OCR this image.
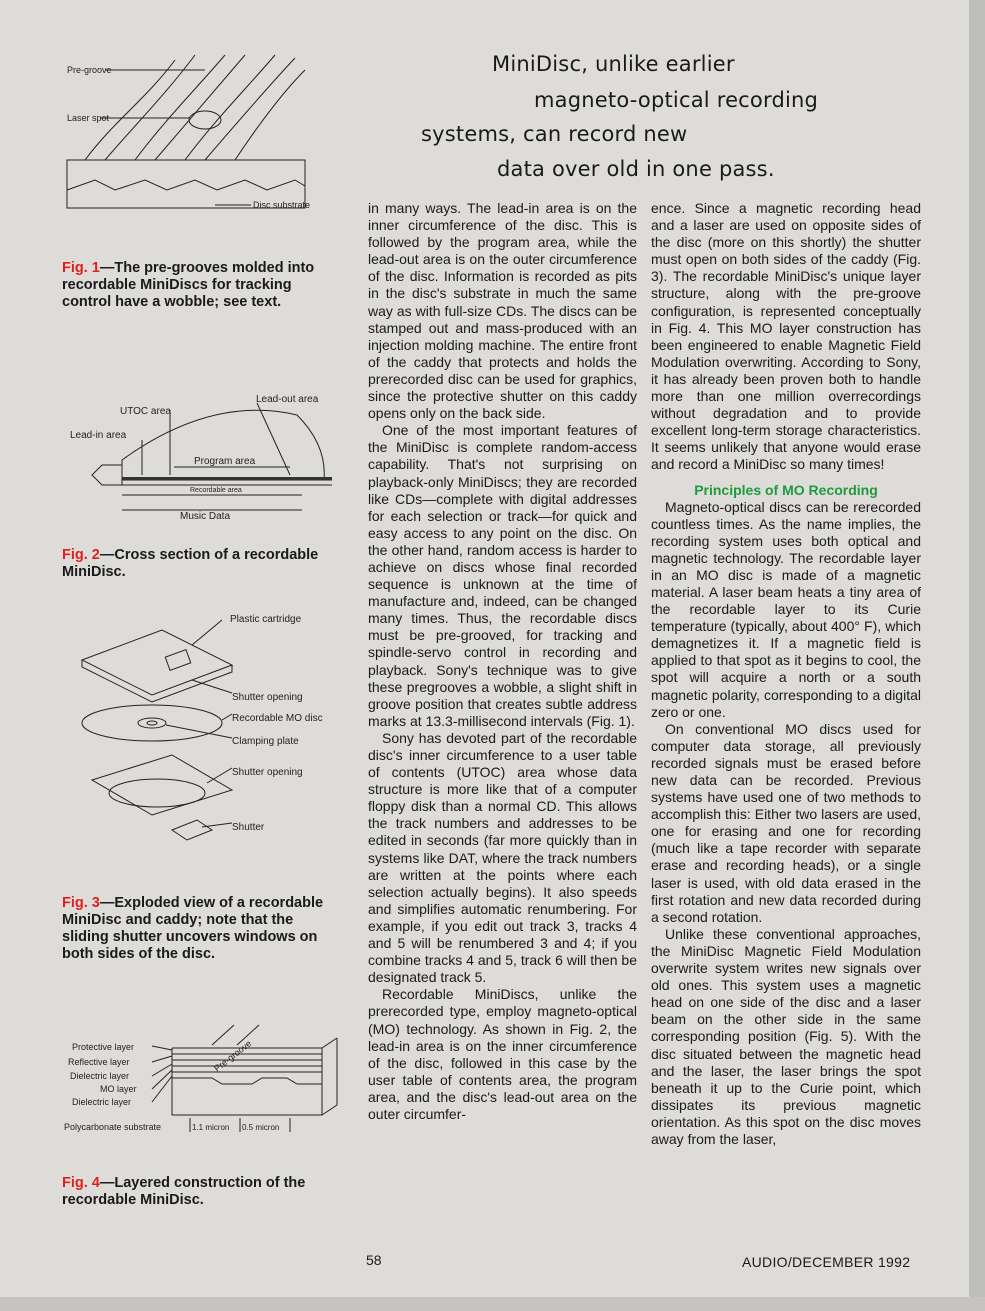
Pre-groove
Laser spot
Disc substrate
Fig. 1—The pre-grooves molded into recordable MiniDiscs for tracking control have a wobble; see text.
UTOC area
Lead-in area
Lead-out area
Program area
Recordable area
Music Data
Fig. 2—Cross section of a recordable MiniDisc.
Plastic cartridge
Shutter opening
Recordable MO disc
Clamping plate
Shutter opening
Shutter
Fig. 3—Exploded view of a recordable MiniDisc and caddy; note that the sliding shutter uncovers windows on both sides of the disc.
Protective layer
Reflective layer
Dielectric layer
MO layer
Dielectric layer
Polycarbonate substrate	1.1 micron 0.5 micron
Pre-groove
Fig. 4—Layered construction of the recordable MiniDisc.
MiniDisc, unlike earlier
magneto-optical recording
systems, can record new
data over old in one pass.

in many ways. The lead-in area is on the inner circumference of the disc. This is followed by the program area, while the lead-out area is on the outer circumference of the disc. Information is recorded as pits in the disc's substrate in much the same way as with full-size CDs. The discs can be stamped out and mass-produced with an injection molding machine. The entire front of the caddy that protects and holds the prerecorded disc can be used for graphics, since the protective shutter on this caddy opens only on the back side.

One of the most important features of the MiniDisc is complete random-access capability. That's not surprising on playback-only MiniDiscs; they are recorded like CDs—complete with digital addresses for each selection or track—for quick and easy access to any point on the disc. On the other hand, random access is harder to achieve on discs whose final recorded sequence is unknown at the time of manufacture and, indeed, can be changed many times. Thus, the recordable discs must be pre-grooved, for tracking and spindle-servo control in recording and playback. Sony's technique was to give these pregrooves a wobble, a slight shift in groove position that creates subtle address marks at 13.3-millisecond intervals (Fig. 1).

Sony has devoted part of the recordable disc's inner circumference to a user table of contents (UTOC) area whose data structure is more like that of a computer floppy disk than a normal CD. This allows the track numbers and addresses to be edited in seconds (far more quickly than in systems like DAT, where the track numbers are written at the points where each selection actually begins). It also speeds and simplifies automatic renumbering. For example, if you edit out track 3, tracks 4 and 5 will be renumbered 3 and 4; if you combine tracks 4 and 5, track 6 will then be designated track 5.

Recordable MiniDiscs, unlike the prerecorded type, employ magneto-optical (MO) technology. As shown in Fig. 2, the lead-in area is on the inner circumference of the disc, followed in this case by the user table of contents area, the program area, and the disc's lead-out area on the outer circumfer-

ence. Since a magnetic recording head and a laser are used on opposite sides of the disc (more on this shortly) the shutter must open on both sides of the caddy (Fig. 3). The recordable MiniDisc's unique layer structure, along with the pre-groove configuration, is represented conceptually in Fig. 4. This MO layer construction has been engineered to enable Magnetic Field Modulation overwriting. According to Sony, it has already been proven both to handle more than one million overrecordings without degradation and to provide excellent long-term storage characteristics. It seems unlikely that anyone would erase and record a MiniDisc so many times!

Principles of MO Recording

Magneto-optical discs can be rerecorded countless times. As the name implies, the recording system uses both optical and magnetic technology. The recordable layer in an MO disc is made of a magnetic material. A laser beam heats a tiny area of the recordable layer to its Curie temperature (typically, about 400° F), which demagnetizes it. If a magnetic field is applied to that spot as it begins to cool, the spot will acquire a north or a south magnetic polarity, corresponding to a digital zero or one.

On conventional MO discs used for computer data storage, all previously recorded signals must be erased before new data can be recorded. Previous systems have used one of two methods to accomplish this: Either two lasers are used, one for erasing and one for recording (much like a tape recorder with separate erase and recording heads), or a single laser is used, with old data erased in the first rotation and new data recorded during a second rotation.

Unlike these conventional approaches, the MiniDisc Magnetic Field Modulation overwrite system writes new signals over old ones. This system uses a magnetic head on one side of the disc and a laser beam on the other side in the same corresponding position (Fig. 5). With the disc situated between the magnetic head and the laser, the laser brings the spot beneath it up to the Curie point, which dissipates its previous magnetic orientation. As this spot on the disc moves away from the laser,

58	AUDIO/DECEMBER 1992
